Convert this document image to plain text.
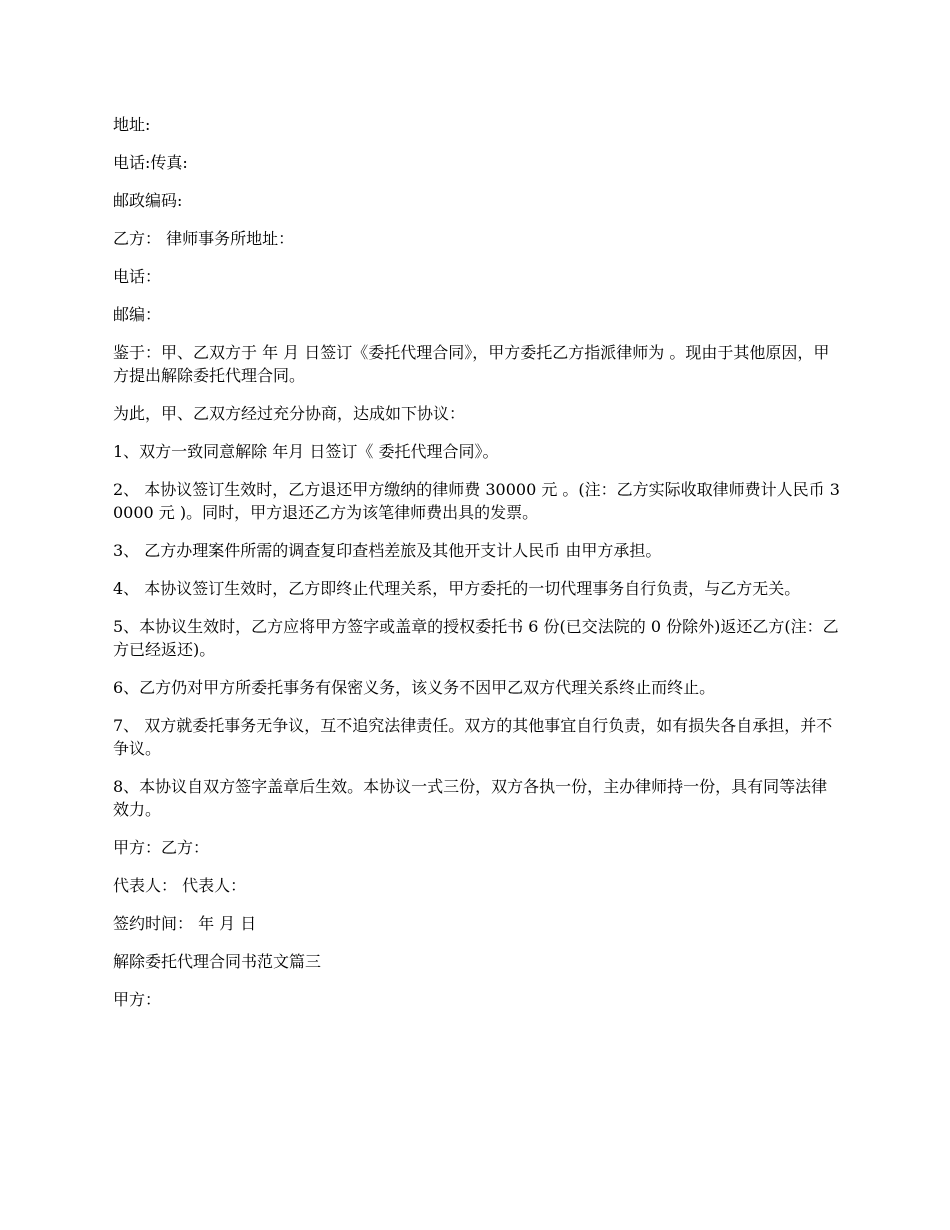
地址:

电话:传真:

邮政编码:

乙方： 律师事务所地址：

电话：

邮编：

鉴于：甲、乙双方于 年 月 日签订《委托代理合同》，甲方委托乙方指派律师为 。现由于其他原因，甲方提出解除委托代理合同。

为此，甲、乙双方经过充分协商，达成如下协议：

1、双方一致同意解除 年月 日签订《 委托代理合同》。

2、 本协议签订生效时，乙方退还甲方缴纳的律师费 30000 元 。(注：乙方实际收取律师费计人民币 30000 元 )。同时，甲方退还乙方为该笔律师费出具的发票。

3、 乙方办理案件所需的调查复印查档差旅及其他开支计人民币 由甲方承担。

4、 本协议签订生效时，乙方即终止代理关系，甲方委托的一切代理事务自行负责，与乙方无关。

5、本协议生效时，乙方应将甲方签字或盖章的授权委托书 6 份(已交法院的 0 份除外)返还乙方(注：乙方已经返还)。

6、乙方仍对甲方所委托事务有保密义务，该义务不因甲乙双方代理关系终止而终止。

7、 双方就委托事务无争议，互不追究法律责任。双方的其他事宜自行负责，如有损失各自承担，并不争议。

8、本协议自双方签字盖章后生效。本协议一式三份，双方各执一份，主办律师持一份，具有同等法律效力。

甲方：乙方：

代表人： 代表人：

签约时间： 年 月 日

解除委托代理合同书范文篇三

甲方：
